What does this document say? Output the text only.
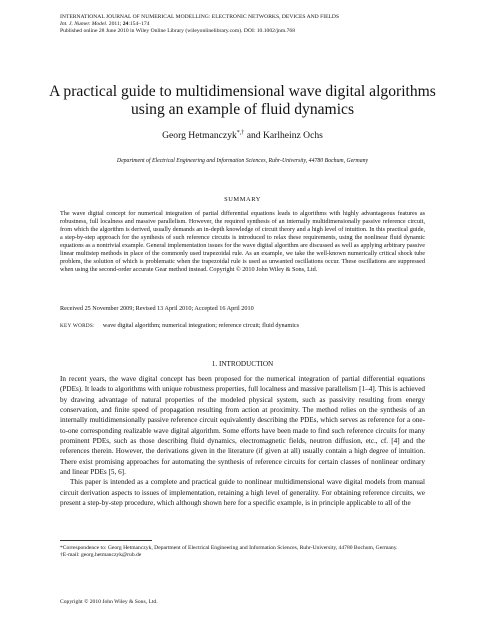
INTERNATIONAL JOURNAL OF NUMERICAL MODELLING: ELECTRONIC NETWORKS, DEVICES AND FIELDS
Int. J. Numer. Model. 2011; 24:154–174
Published online 28 June 2010 in Wiley Online Library (wileyonlinelibrary.com). DOI: 10.1002/jnm.768
A practical guide to multidimensional wave digital algorithms
using an example of fluid dynamics
Georg Hetmanczyk*,† and Karlheinz Ochs
Department of Electrical Engineering and Information Sciences, Ruhr-University, 44780 Bochum, Germany
SUMMARY
The wave digital concept for numerical integration of partial differential equations leads to algorithms with highly advantageous features as robustness, full localness and massive parallelism. However, the required synthesis of an internally multidimensionally passive reference circuit, from which the algorithm is derived, usually demands an in-depth knowledge of circuit theory and a high level of intuition. In this practical guide, a step-by-step approach for the synthesis of such reference circuits is introduced to relax these requirements, using the nonlinear fluid dynamic equations as a nontrivial example. General implementation issues for the wave digital algorithm are discussed as well as applying arbitrary passive linear multistep methods in place of the commonly used trapezoidal rule. As an example, we take the well-known numerically critical shock tube problem, the solution of which is problematic when the trapezoidal rule is used as unwanted oscillations occur. These oscillations are suppressed when using the second-order accurate Gear method instead. Copyright © 2010 John Wiley & Sons, Ltd.
Received 25 November 2009; Revised 13 April 2010; Accepted 16 April 2010
KEY WORDS: wave digital algorithm; numerical integration; reference circuit; fluid dynamics
1. INTRODUCTION

In recent years, the wave digital concept has been proposed for the numerical integration of partial differential equations (PDEs). It leads to algorithms with unique robustness properties, full localness and massive parallelism [1–4]. This is achieved by drawing advantage of natural properties of the modeled physical system, such as passivity resulting from energy conservation, and finite speed of propagation resulting from action at proximity. The method relies on the synthesis of an internally multidimensionally passive reference circuit equivalently describing the PDEs, which serves as reference for a one-to-one corresponding realizable wave digital algorithm. Some efforts have been made to find such reference circuits for many prominent PDEs, such as those describing fluid dynamics, electromagnetic fields, neutron diffusion, etc., cf. [4] and the references therein. However, the derivations given in the literature (if given at all) usually contain a high degree of intuition. There exist promising approaches for automating the synthesis of reference circuits for certain classes of nonlinear ordinary and linear PDEs [5, 6].

This paper is intended as a complete and practical guide to nonlinear multidimensional wave digital models from manual circuit derivation aspects to issues of implementation, retaining a high level of generality. For obtaining reference circuits, we present a step-by-step procedure, which although shown here for a specific example, is in principle applicable to all of the

*Correspondence to: Georg Hetmanczyk, Department of Electrical Engineering and Information Sciences, Ruhr-University, 44780 Bochum, Germany.
†E-mail: georg.hetmanczyk@rub.de
Copyright © 2010 John Wiley & Sons, Ltd.
